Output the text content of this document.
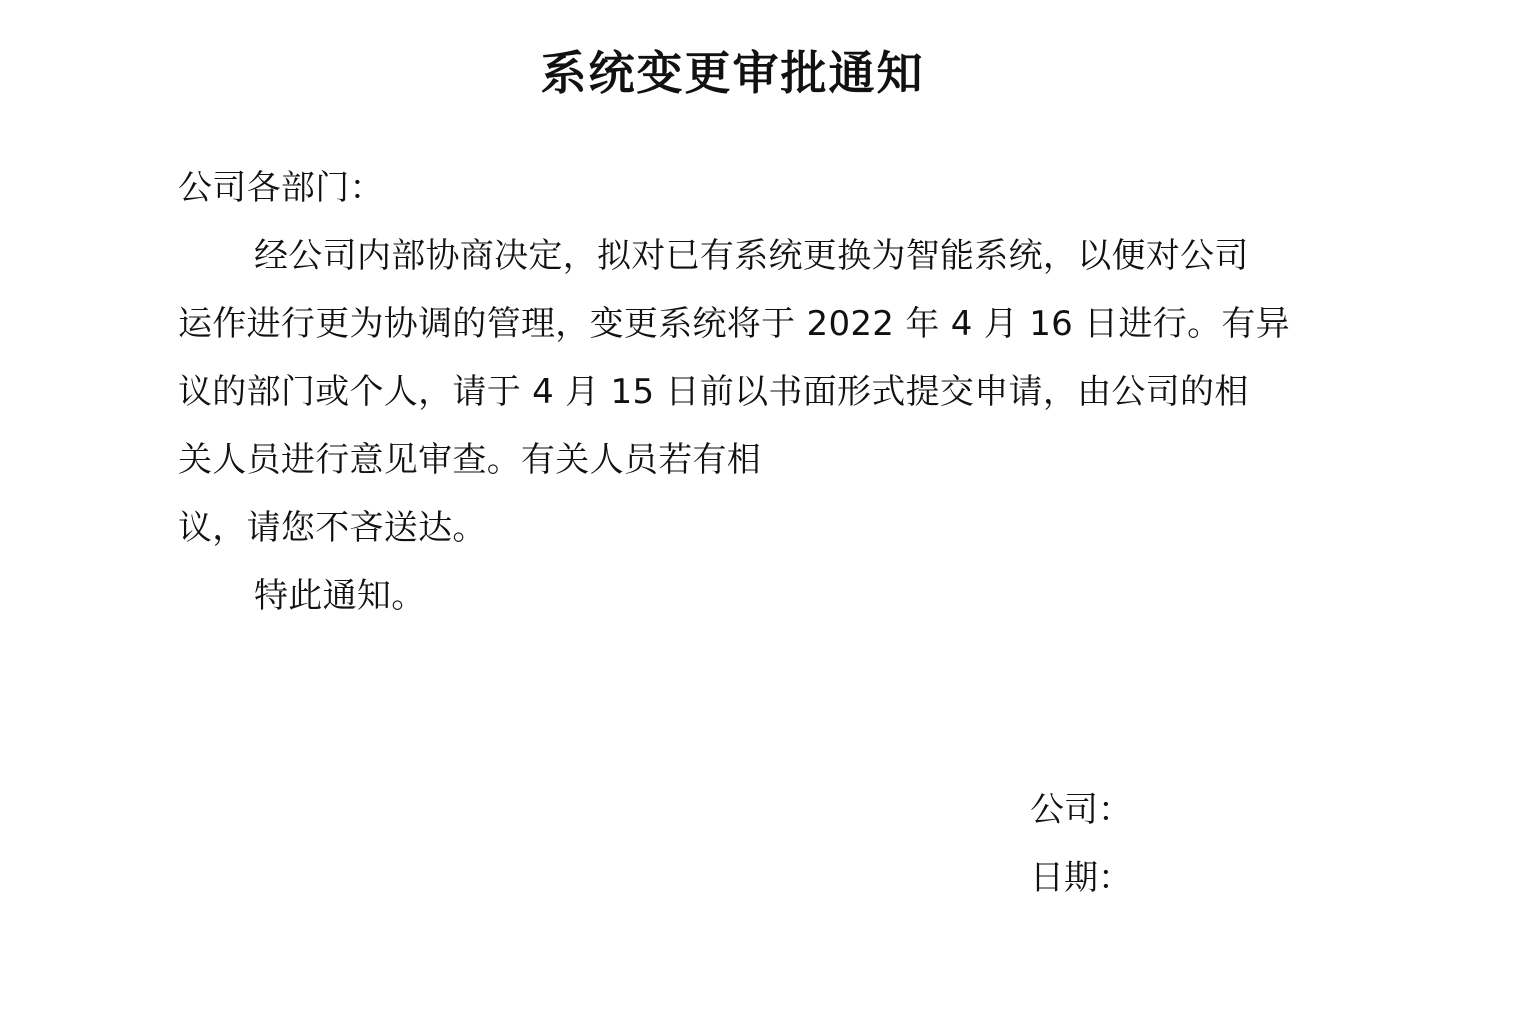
系统变更审批通知
公司各部门：
经公司内部协商决定，拟对已有系统更换为智能系统，以便对公司
运作进行更为协调的管理，变更系统将于 2022 年 4 月 16 日进行。有异
议的部门或个人，请于 4 月 15 日前以书面形式提交申请，由公司的相
关人员进行意见审查。有关人员若有相
议，请您不吝送达。
特此通知。
公司：
日期：
